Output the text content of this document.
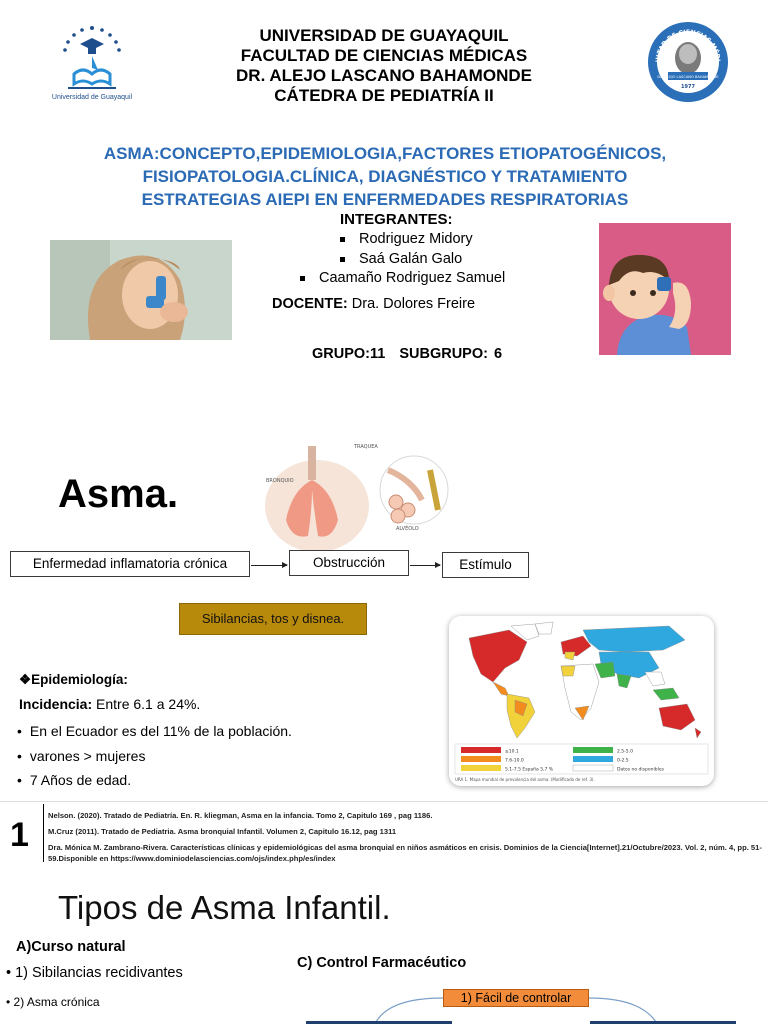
Universidad de Guayaquil
UNIVERSIDAD DE GUAYAQUIL
FACULTAD DE CIENCIAS MÉDICAS
DR. ALEJO LASCANO BAHAMONDE
CÁTEDRA DE PEDIATRÍA II
ULTAD DE CIENCIAS MÉDI
DR. ALEJO LASCANO BAHAMONDE
1977
ASMA:CONCEPTO,EPIDEMIOLOGIA,FACTORES ETIOPATOGÉNICOS,
FISIOPATOLOGIA.CLÍNICA, DIAGNÉSTICO Y TRATAMIENTO
ESTRATEGIAS AIEPI EN ENFERMEDADES RESPIRATORIAS
INTEGRANTES:
Rodriguez Midory
Saá Galán Galo
Caamaño Rodriguez Samuel
DOCENTE: Dra. Dolores Freire
GRUPO:11 SUBGRUPO: 6
Asma.
TRAQUEA
BRONQUIO
ALVÉOLO
Enfermedad inflamatoria crónica	Obstrucción	Estímulo
Sibilancias, tos y disnea.
≥10.1	2.5-5.0
7.6-10.0	0-2.5
5.1-7.5 España 5,7 %	Datos no disponibles
URA 1. Mapa mundial de prevalencia del asma. (Modificado de ref. 3).
❖Epidemiología:
Incidencia: Entre 6.1 a 24%.
• En el Ecuador es del 11% de la población.
• varones > mujeres
• 7 Años de edad.
1

Nelson. (2020). Tratado de Pediatría. En. R. kliegman, Asma en la infancia. Tomo 2, Capitulo 169 , pag 1186.

M.Cruz (2011). Tratado de Pediatria. Asma bronquial Infantil. Volumen 2, Capitulo 16.12, pag 1311

Dra. Mónica M. Zambrano-Rivera. Características clínicas y epidemiológicas del asma bronquial en niños asmáticos en crisis. Dominios de la Ciencia[Internet].21/Octubre/2023. Vol. 2, núm. 4, pp. 51-59.Disponible en https://www.dominiodelasciencias.com/ojs/index.php/es/index

Tipos de Asma Infantil.
A)Curso natural
• 1) Sibilancias recidivantes
• 2) Asma crónica
C) Control Farmacéutico
1) Fácil de controlar
